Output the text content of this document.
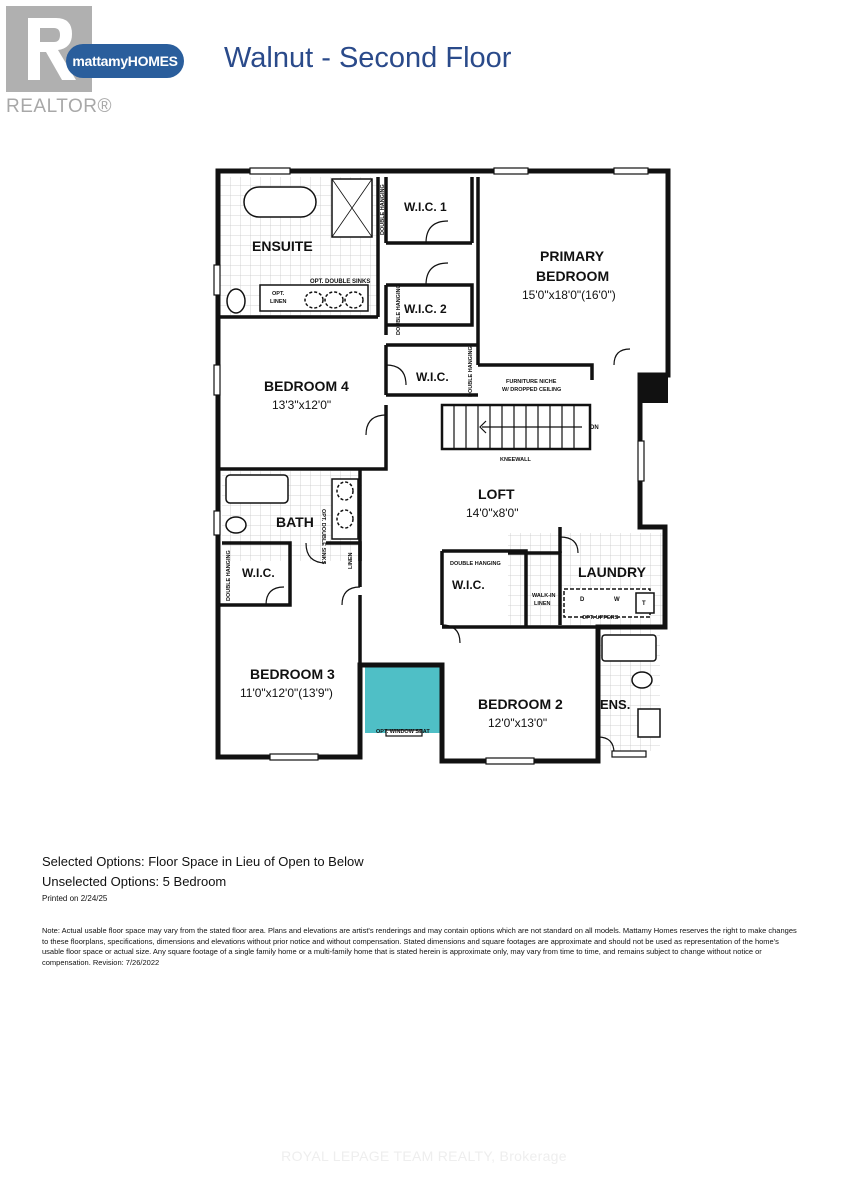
REALTOR®
mattamyHOMES Walnut - Second Floor
ENSUITE
W.I.C. 1
W.I.C. 2
PRIMARY
BEDROOM
15'0"x18'0"(16'0")
BEDROOM 4
13'3"x12'0"
W.I.C.
LOFT
14'0"x8'0"
BATH
W.I.C.
BEDROOM 3
11'0"x12'0"(13'9")
W.I.C.
LAUNDRY
BEDROOM 2
12'0"x13'0"
ENS.
OPT. DOUBLE SINKS
OPT.
LINEN
DOUBLE HANGING
DOUBLE HANGING
DOUBLE HANGING
DOUBLE HANGING	DOUBLE HANGING
FURNITURE NICHE
W/ DROPPED CEILING
KNEEWALL
DN
LINEN
WALK-IN
LINEN
OPT. UPPERS
OPT. WINDOW SEAT
OPT. DOUBLE SINKS
D	W
T
Selected Options: Floor Space in Lieu of Open to Below
Unselected Options: 5 Bedroom
Printed on 2/24/25
Note: Actual usable floor space may vary from the stated floor area. Plans and elevations are artist's renderings and may contain options which are not standard on all models. Mattamy Homes reserves the right to make changes to these floorplans, specifications, dimensions and elevations without prior notice and without compensation. Stated dimensions and square footages are approximate and should not be used as representation of the home's usable floor space or actual size. Any square footage of a single family home or a multi-family home that is stated herein is approximate only, may vary from time to time, and remains subject to change without notice or compensation. Revision: 7/26/2022
ROYAL LEPAGE TEAM REALTY, Brokerage
